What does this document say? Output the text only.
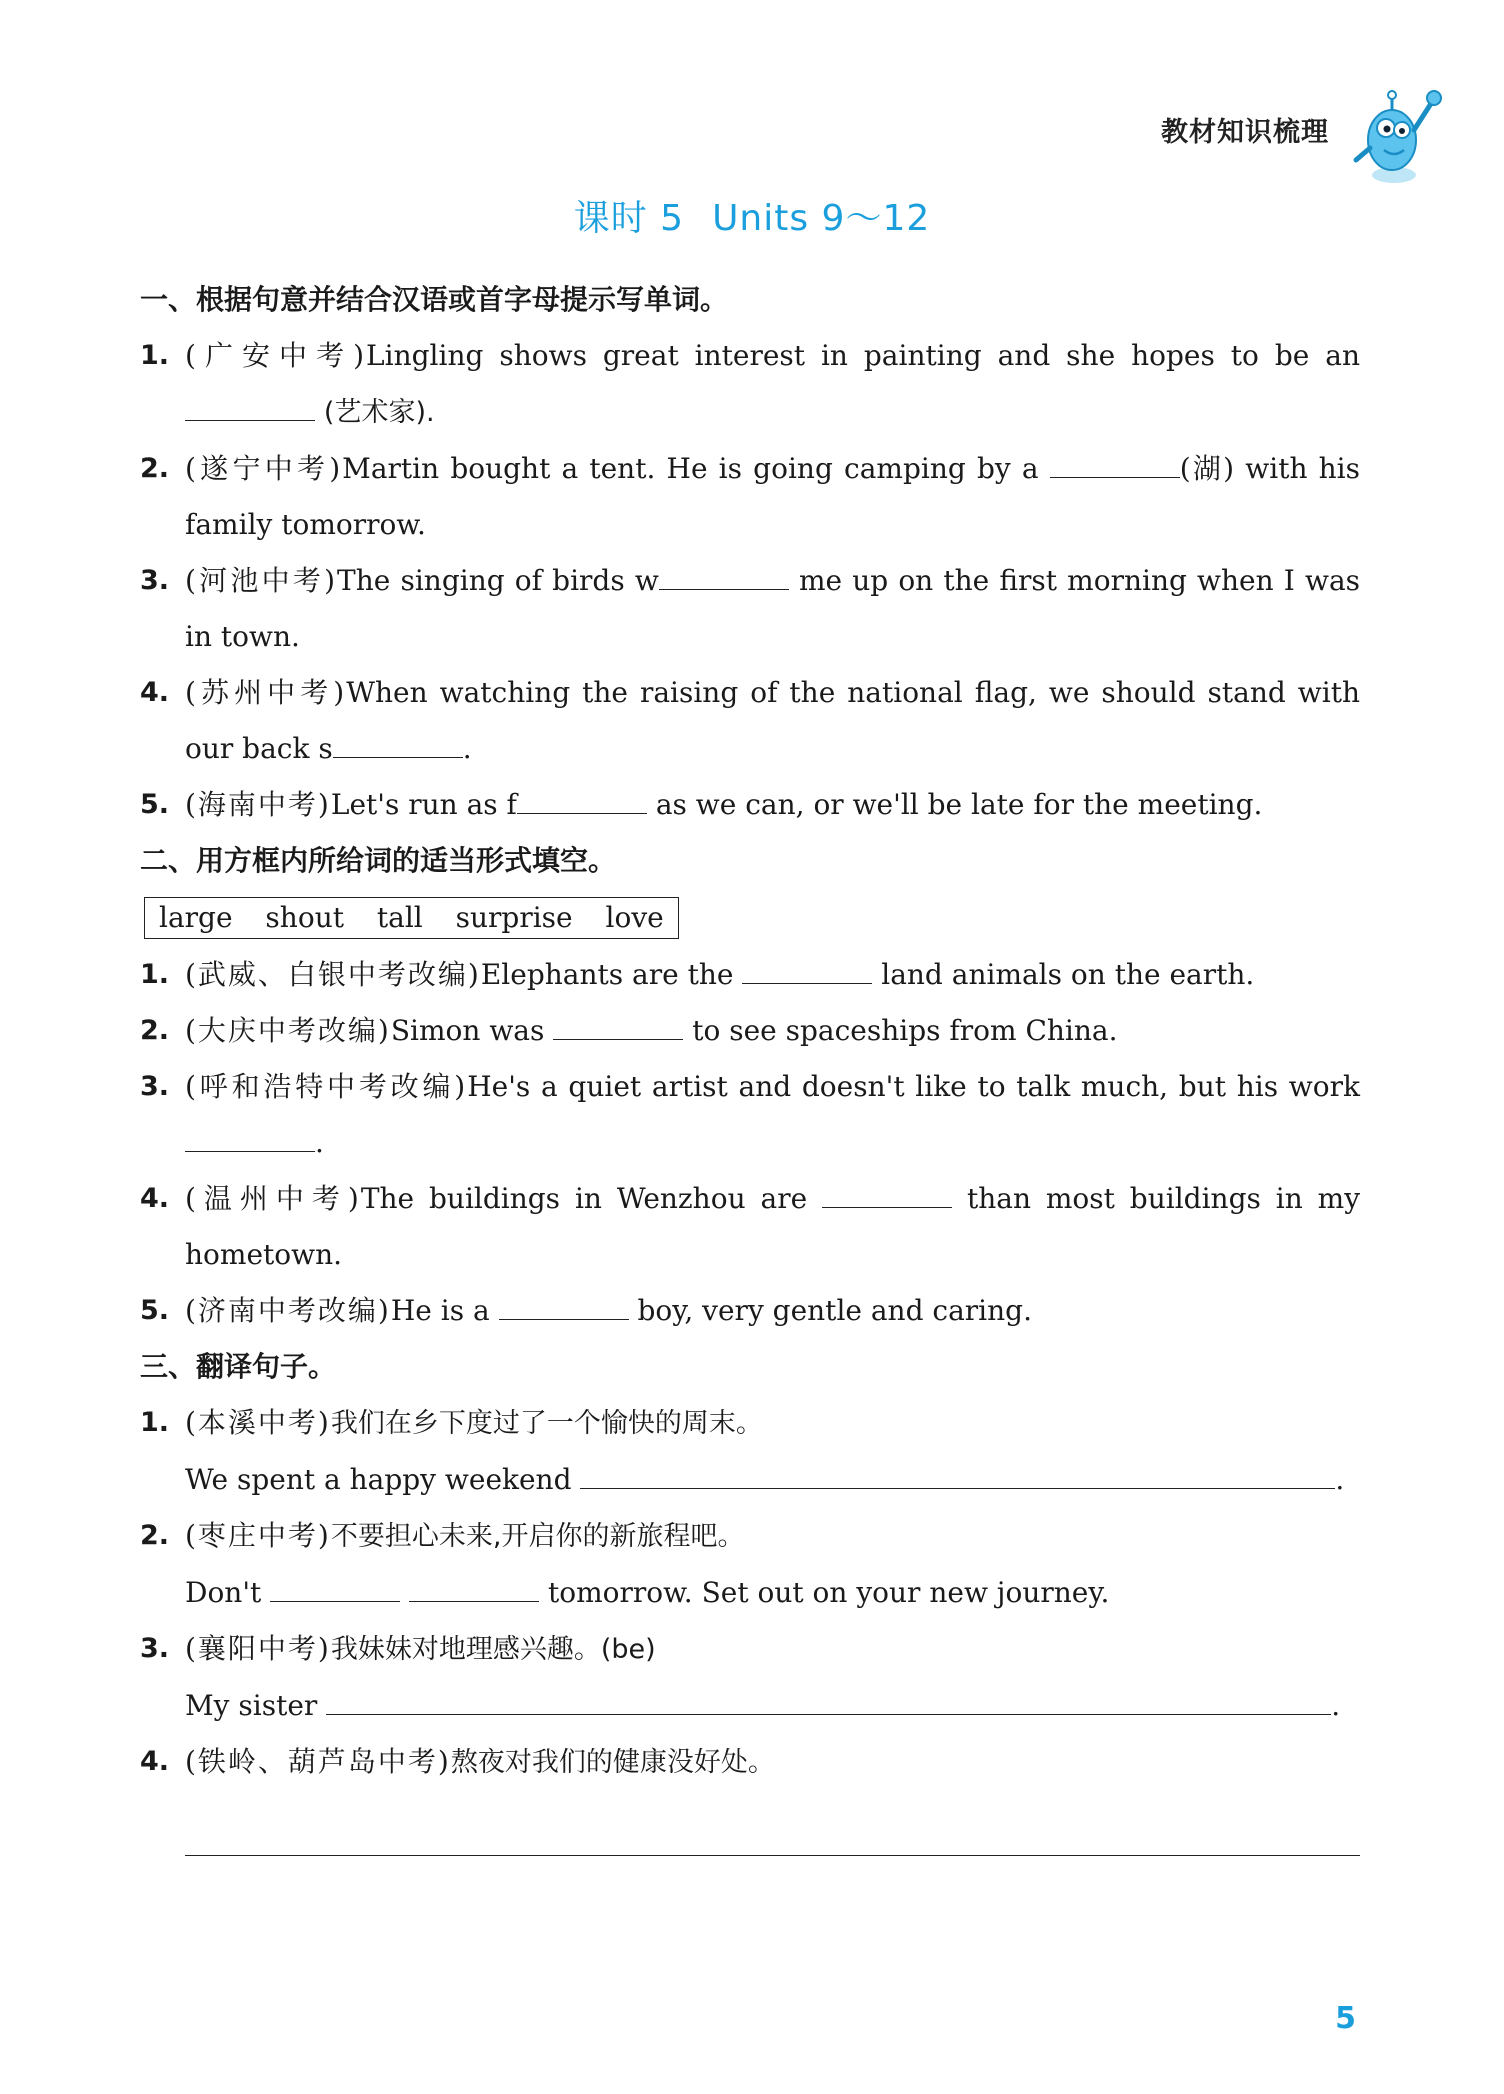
教材知识梳理
课时 5 Units 9～12
一、根据句意并结合汉语或首字母提示写单词。
1. (广安中考)Lingling shows great interest in painting and she hopes to be an  (艺术家).
2. (遂宁中考)Martin bought a tent. He is going camping by a	(湖) with his family tomorrow.
3. (河池中考)The singing of birds w	me up on the first morning when I was in town.
4. (苏州中考)When watching the raising of the national flag, we should stand with our back s	.
5. (海南中考)Let's run as f	as we can, or we'll be late for the meeting.
二、用方框内所给词的适当形式填空。
large shout tall surprise love
1. (武威、白银中考改编)Elephants are the	land animals on the earth.
2. (大庆中考改编)Simon was	to see spaceships from China.
3. (呼和浩特中考改编)He's a quiet artist and doesn't like to talk much, but his work .
4. (温州中考)The buildings in Wenzhou are	than most buildings in my hometown.
5. (济南中考改编)He is a	boy, very gentle and caring.
三、翻译句子。
1. (本溪中考)我们在乡下度过了一个愉快的周末。
We spent a happy weekend	.
2. (枣庄中考)不要担心未来,开启你的新旅程吧。
Don't	tomorrow. Set out on your new journey.
3. (襄阳中考)我妹妹对地理感兴趣。(be)
My sister	.
4. (铁岭、葫芦岛中考)熬夜对我们的健康没好处。
5
